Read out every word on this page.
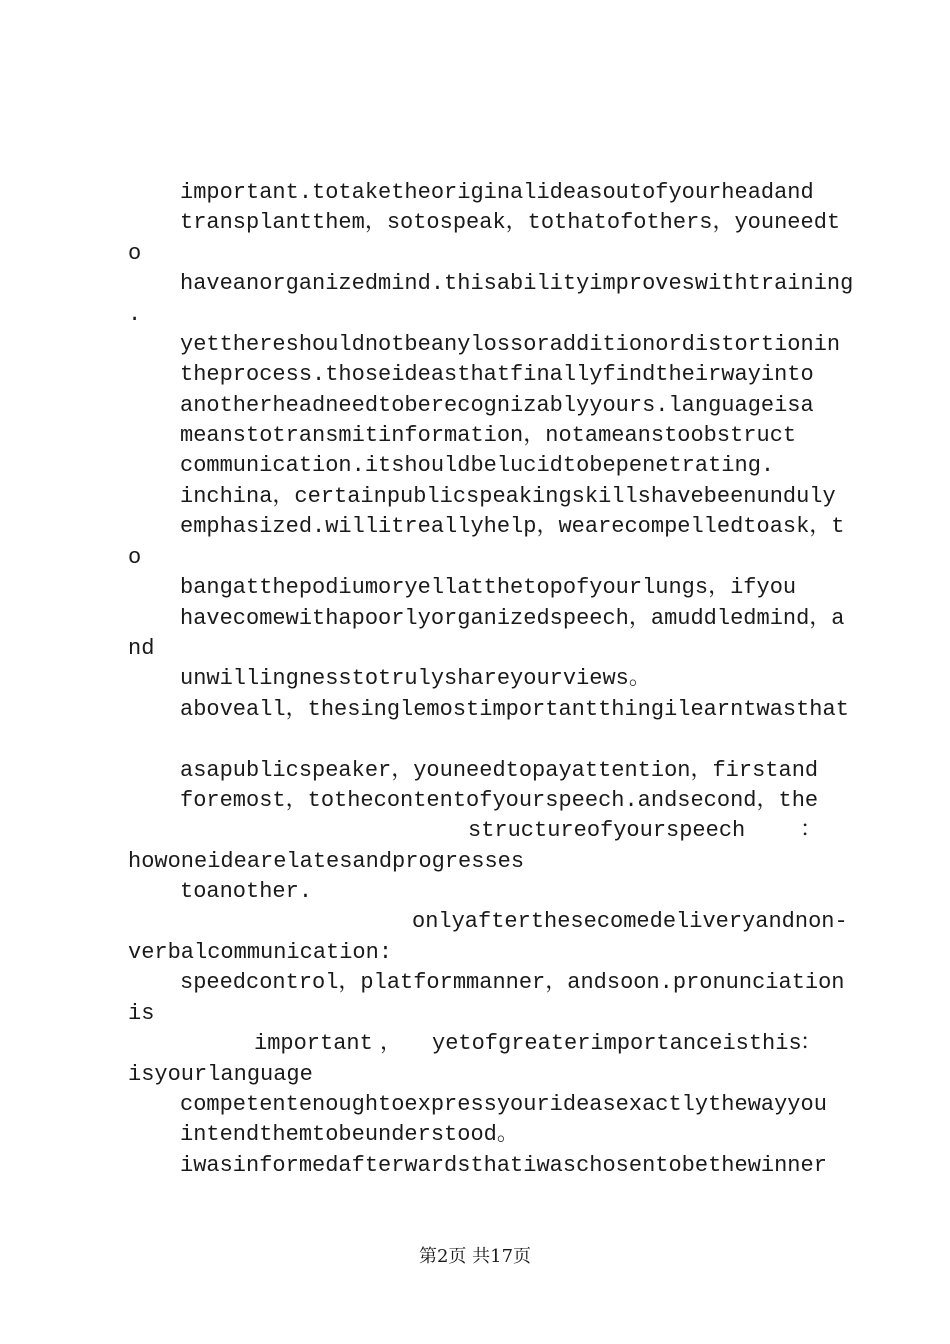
important.totaketheoriginalideasoutofyourheadand
transplantthem，sotospeak，tothatofothers，youneedt
o
haveanorganizedmind.thisabilityimproveswithtraining
.
yetthereshouldnotbeanylossoradditionordistortionin
theprocess.thoseideasthatfinallyfindtheirwayinto
anotherheadneedtoberecognizablyyours.languageisa
meanstotransmitinformation，notameanstoobstruct
communication.itshouldbelucidtobepenetrating.
inchina，certainpublicspeakingskillshavebeenunduly
emphasized.willitreallyhelp，wearecompelledtoask，t
o
bangatthepodiumoryellatthetopofyourlungs，ifyou
havecomewithapoorlyorganizedspeech，amuddledmind，a
nd
unwillingnesstotrulyshareyourviews。
aboveall，thesinglemostimportantthingilearntwasthat
asapublicspeaker，youneedtopayattention，firstand
foremost，tothecontentofyourspeech.andsecond，the
structureofyourspeech ：
howoneidearelatesandprogresses
toanother.
onlyafterthesecomedeliveryandnon-
verbalcommunication:
speedcontrol，platformmanner，andsoon.pronunciation
is
important ， yetofgreaterimportanceisthis
：
isyourlanguage
competentenoughtoexpressyourideasexactlythewayyou
intendthemtobeunderstood。
iwasinformedafterwardsthatiwaschosentobethewinner
第2页 共17页
